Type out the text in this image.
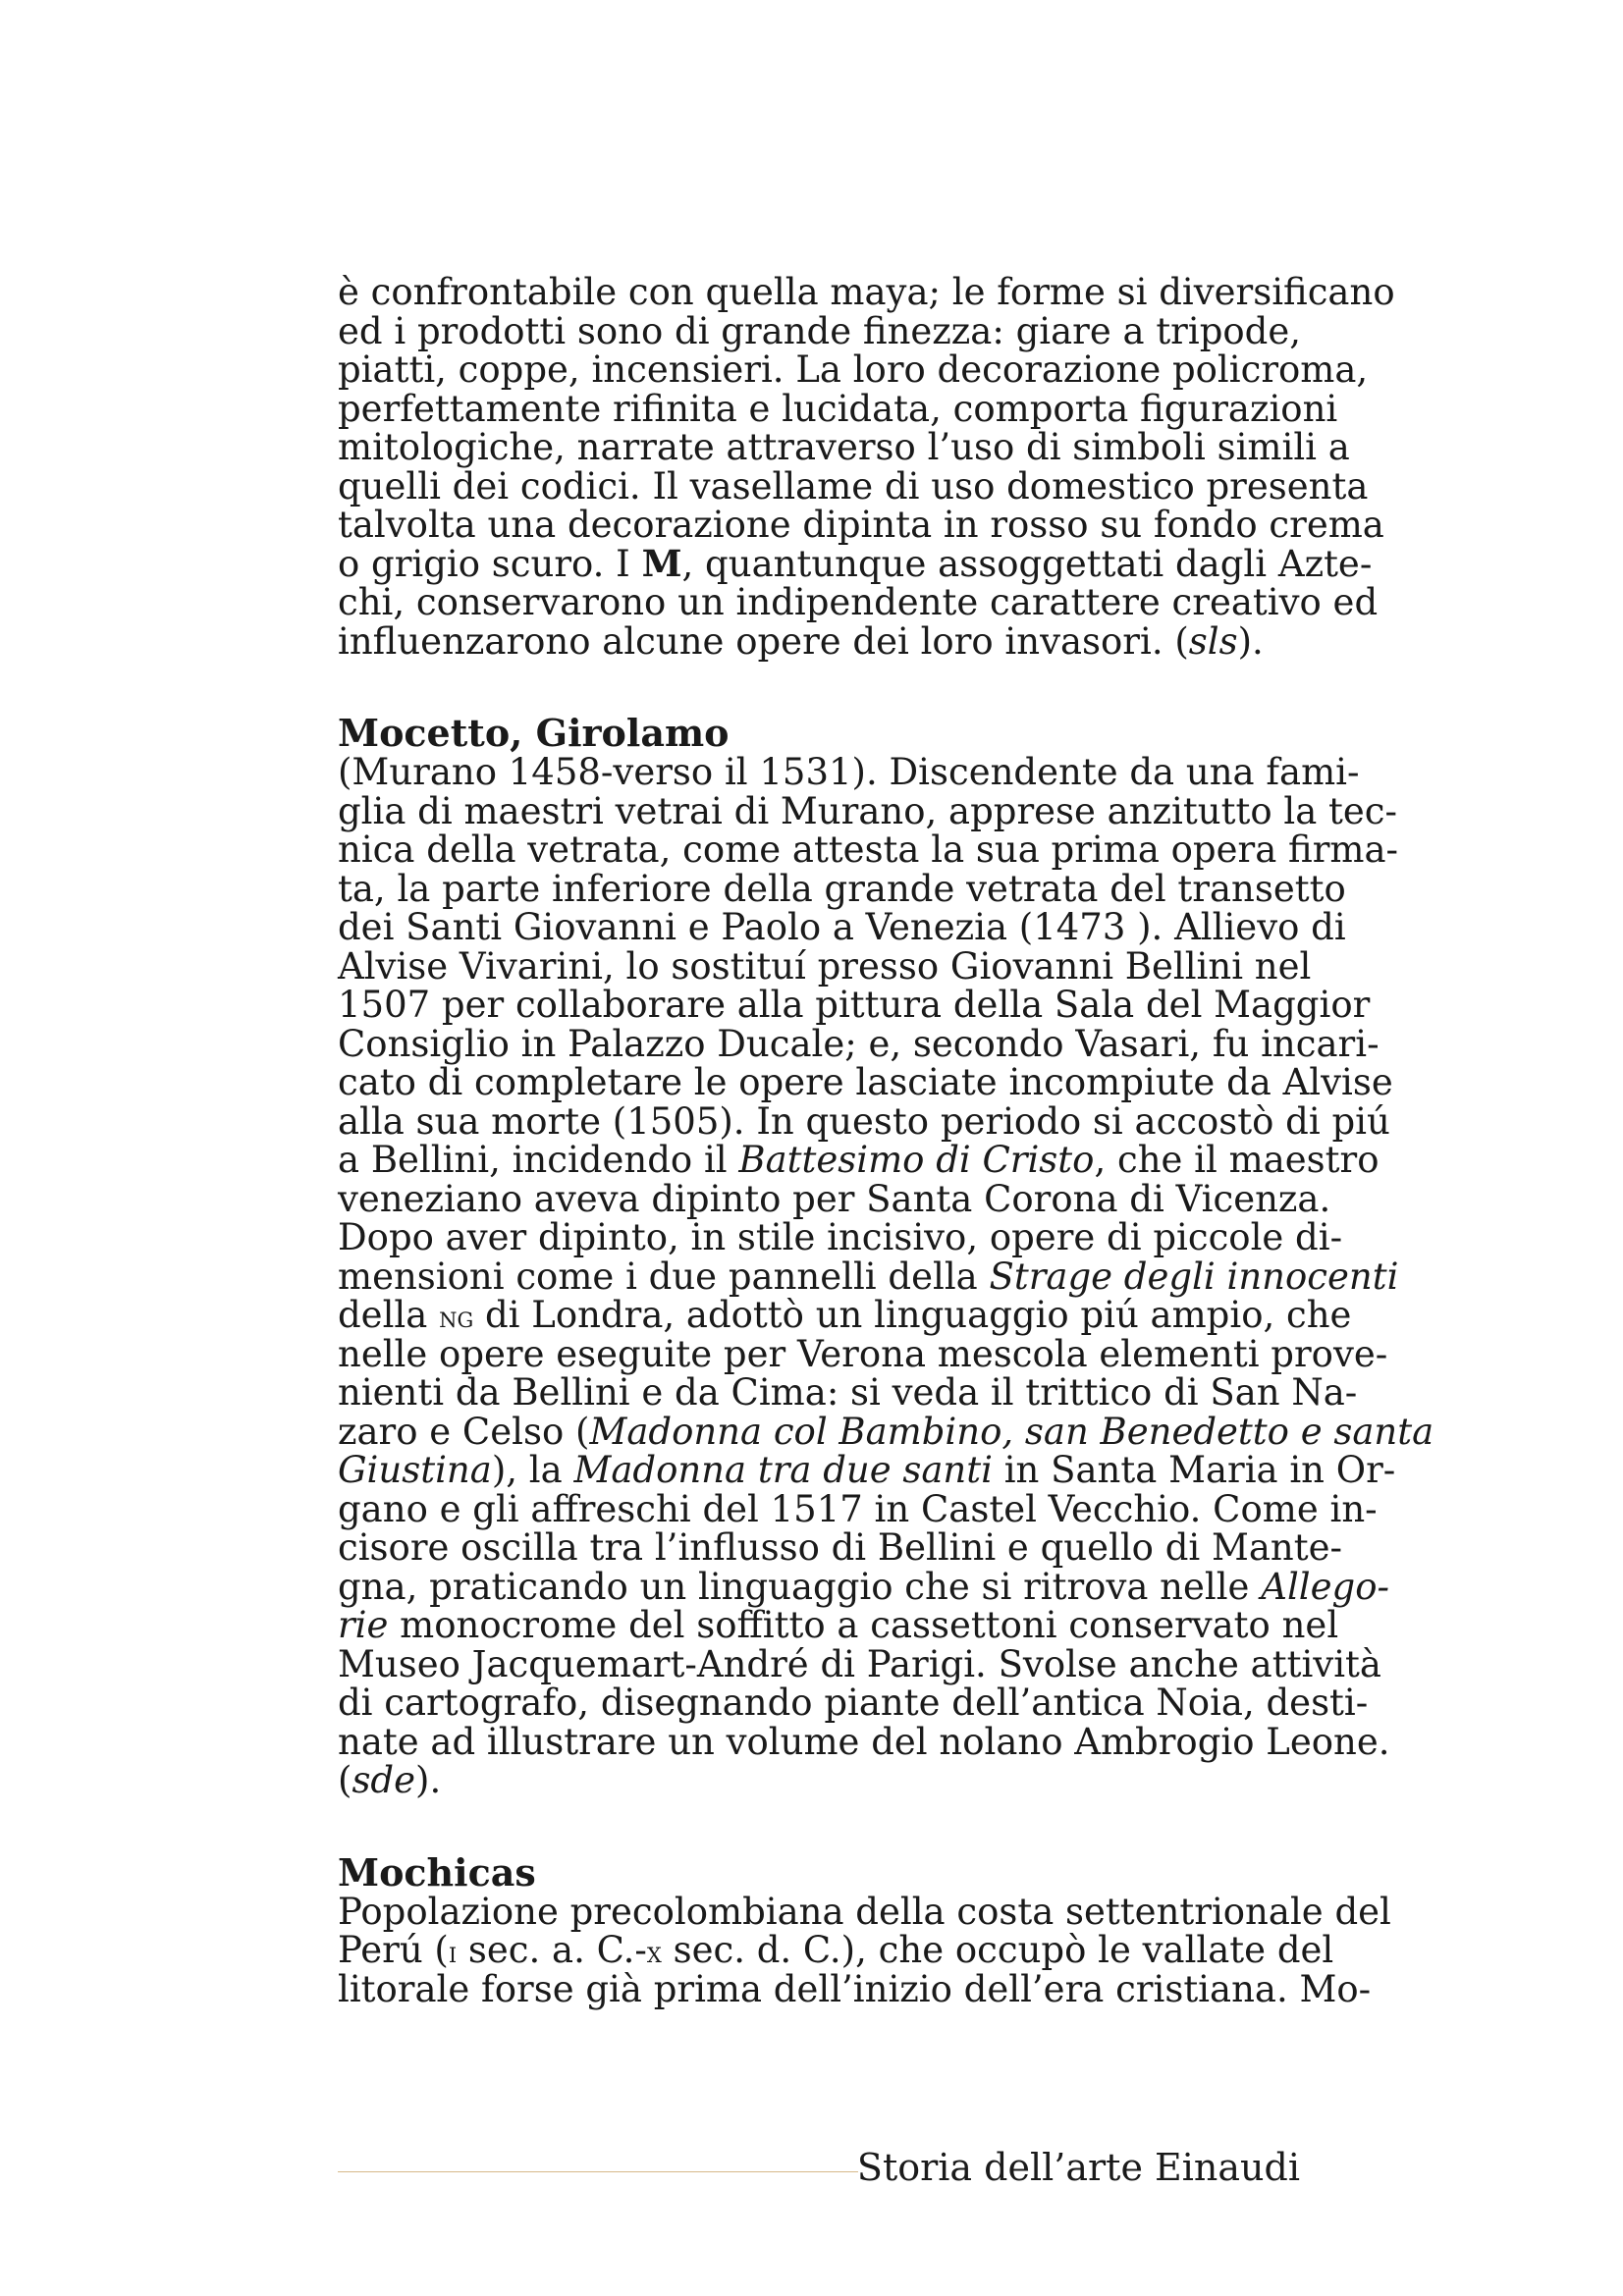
è confrontabile con quella maya; le forme si diversificano
ed i prodotti sono di grande finezza: giare a tripode,
piatti, coppe, incensieri. La loro decorazione policroma,
perfettamente rifinita e lucidata, comporta figurazioni
mitologiche, narrate attraverso l’uso di simboli simili a
quelli dei codici. Il vasellame di uso domestico presenta
talvolta una decorazione dipinta in rosso su fondo crema
o grigio scuro. I M, quantunque assoggettati dagli Azte-
chi, conservarono un indipendente carattere creativo ed
influenzarono alcune opere dei loro invasori. (sls).
Mocetto, Girolamo
(Murano 1458-verso il 1531). Discendente da una fami-
glia di maestri vetrai di Murano, apprese anzitutto la tec-
nica della vetrata, come attesta la sua prima opera firma-
ta, la parte inferiore della grande vetrata del transetto
dei Santi Giovanni e Paolo a Venezia (1473 ). Allievo di
Alvise Vivarini, lo sostituí presso Giovanni Bellini nel
1507 per collaborare alla pittura della Sala del Maggior
Consiglio in Palazzo Ducale; e, secondo Vasari, fu incari-
cato di completare le opere lasciate incompiute da Alvise
alla sua morte (1505). In questo periodo si accostò di piú
a Bellini, incidendo il Battesimo di Cristo, che il maestro
veneziano aveva dipinto per Santa Corona di Vicenza.
Dopo aver dipinto, in stile incisivo, opere di piccole di-
mensioni come i due pannelli della Strage degli innocenti
della ng di Londra, adottò un linguaggio piú ampio, che
nelle opere eseguite per Verona mescola elementi prove-
nienti da Bellini e da Cima: si veda il trittico di San Na-
zaro e Celso (Madonna col Bambino, san Benedetto e santa
Giustina), la Madonna tra due santi in Santa Maria in Or-
gano e gli affreschi del 1517 in Castel Vecchio. Come in-
cisore oscilla tra l’influsso di Bellini e quello di Mante-
gna, praticando un linguaggio che si ritrova nelle Allego-
rie monocrome del soffitto a cassettoni conservato nel
Museo Jacquemart-André di Parigi. Svolse anche attività
di cartografo, disegnando piante dell’antica Noia, desti-
nate ad illustrare un volume del nolano Ambrogio Leone.
(sde).
Mochicas
Popolazione precolombiana della costa settentrionale del
Perú (i sec. a. C.-x sec. d. C.), che occupò le vallate del
litorale forse già prima dell’inizio dell’era cristiana. Mo-
Storia dell’arte Einaudi
